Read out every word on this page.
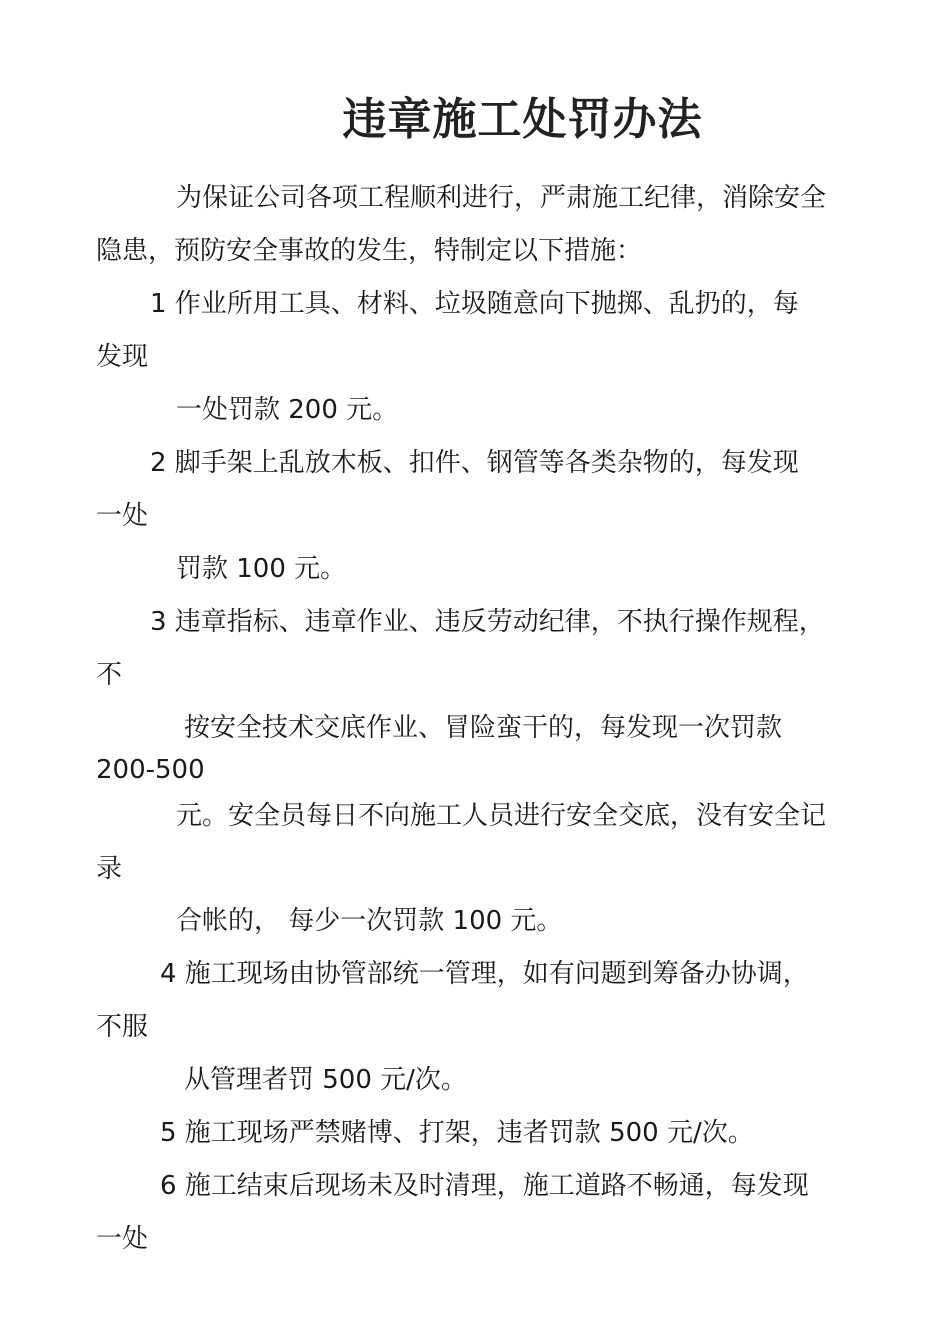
违章施工处罚办法
为保证公司各项工程顺利进行，严肃施工纪律，消除安全
隐患，预防安全事故的发生，特制定以下措施：
1 作业所用工具、材料、垃圾随意向下抛掷、乱扔的，每
发现
一处罚款 200 元。
2 脚手架上乱放木板、扣件、钢管等各类杂物的，每发现
一处
罚款 100 元。
3 违章指标、违章作业、违反劳动纪律，不执行操作规程，
不
按安全技术交底作业、冒险蛮干的，每发现一次罚款
200-500
元。安全员每日不向施工人员进行安全交底，没有安全记
录
合帐的， 每少一次罚款 100 元。
4 施工现场由协管部统一管理，如有问题到筹备办协调，
不服
从管理者罚 500 元/次。
5 施工现场严禁赌博、打架，违者罚款 500 元/次。
6 施工结束后现场未及时清理，施工道路不畅通，每发现
一处
